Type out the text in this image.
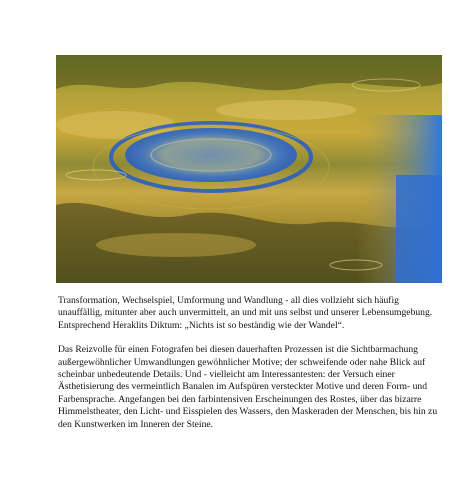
Transformation, Wechselspiel, Umformung und Wandlung - all dies vollzieht sich häufig unauffällig, mitunter aber auch unvermittelt, an und mit uns selbst und unserer Lebensumgebung. Entsprechend Heraklits Diktum: „Nichts ist so beständig wie der Wandel“.

Das Reizvolle für einen Fotografen bei diesen dauerhaften Prozessen ist die Sichtbarmachung außergewöhnlicher Umwandlungen gewöhnlicher Motive; der schweifende oder nahe Blick auf scheinbar unbedeutende Details. Und - vielleicht am Interessantesten: der Versuch einer Ästhetisierung des vermeintlich Banalen im Aufspüren versteckter Motive und deren Form- und Farbensprache. Angefangen bei den farbintensiven Erscheinungen des Rostes, über das bizarre Himmelstheater, den Licht- und Eisspielen des Wassers, den Maskeraden der Menschen, bis hin zu den Kunstwerken im Inneren der Steine.
